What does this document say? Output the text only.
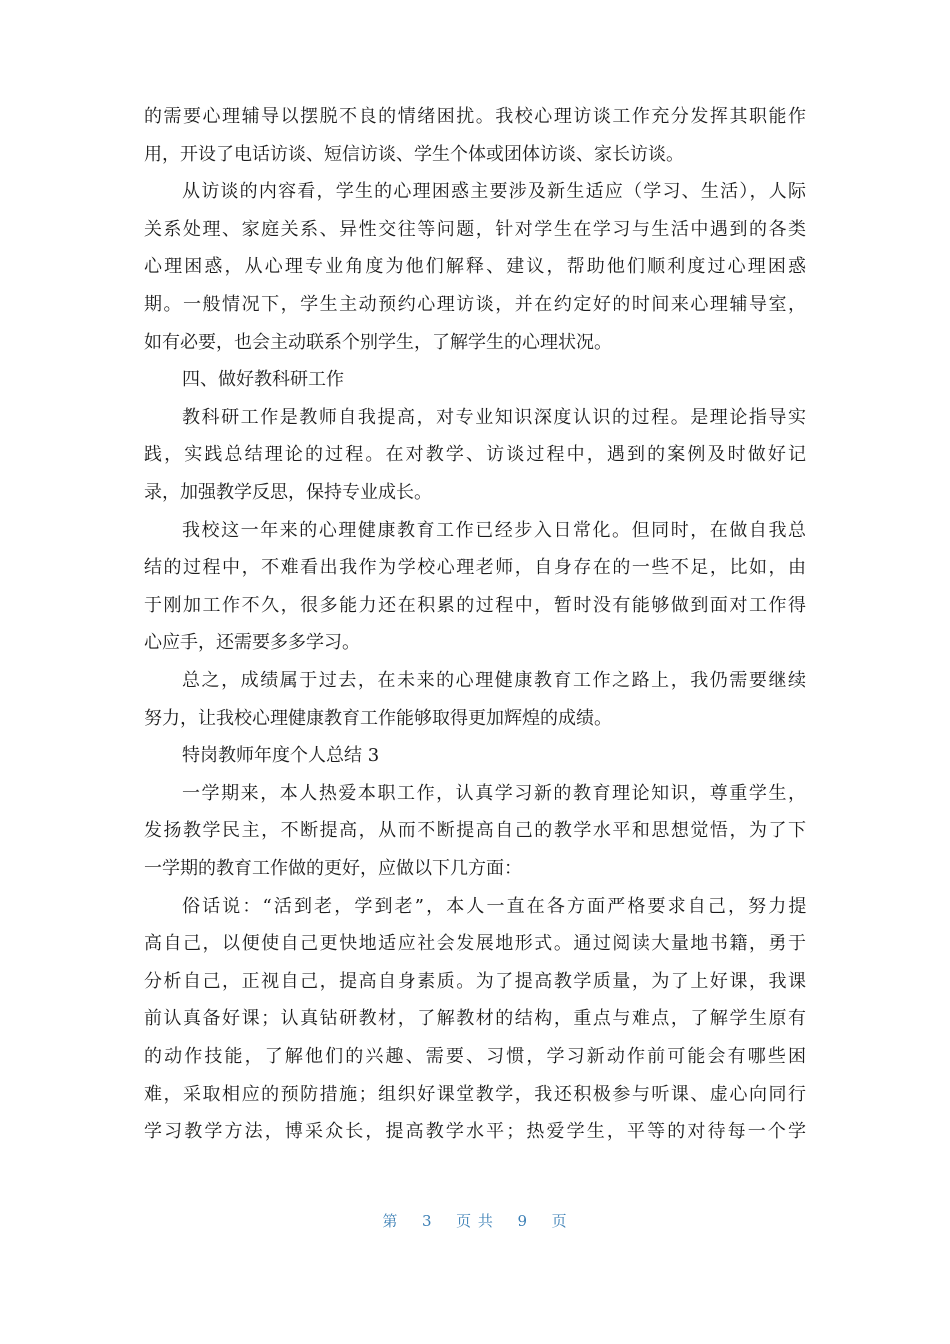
的需要心理辅导以摆脱不良的情绪困扰。我校心理访谈工作充分发挥其职能作
用，开设了电话访谈、短信访谈、学生个体或团体访谈、家长访谈。
从访谈的内容看，学生的心理困惑主要涉及新生适应（学习、生活），人际
关系处理、家庭关系、异性交往等问题，针对学生在学习与生活中遇到的各类
心理困惑，从心理专业角度为他们解释、建议，帮助他们顺利度过心理困惑
期。一般情况下，学生主动预约心理访谈，并在约定好的时间来心理辅导室，
如有必要，也会主动联系个别学生，了解学生的心理状况。
四、做好教科研工作
教科研工作是教师自我提高，对专业知识深度认识的过程。是理论指导实
践，实践总结理论的过程。在对教学、访谈过程中，遇到的案例及时做好记
录，加强教学反思，保持专业成长。
我校这一年来的心理健康教育工作已经步入日常化。但同时，在做自我总
结的过程中，不难看出我作为学校心理老师，自身存在的一些不足，比如，由
于刚加工作不久，很多能力还在积累的过程中，暂时没有能够做到面对工作得
心应手，还需要多多学习。
总之，成绩属于过去，在未来的心理健康教育工作之路上，我仍需要继续
努力，让我校心理健康教育工作能够取得更加辉煌的成绩。
特岗教师年度个人总结 3
一学期来，本人热爱本职工作，认真学习新的教育理论知识，尊重学生，
发扬教学民主，不断提高，从而不断提高自己的教学水平和思想觉悟，为了下
一学期的教育工作做的更好，应做以下几方面：
俗话说：“活到老，学到老”，本人一直在各方面严格要求自己，努力提
高自己，以便使自己更快地适应社会发展地形式。通过阅读大量地书籍，勇于
分析自己，正视自己，提高自身素质。为了提高教学质量，为了上好课，我课
前认真备好课；认真钻研教材，了解教材的结构，重点与难点，了解学生原有
的动作技能，了解他们的兴趣、需要、习惯，学习新动作前可能会有哪些困
难，采取相应的预防措施；组织好课堂教学，我还积极参与听课、虚心向同行
学习教学方法，博采众长，提高教学水平；热爱学生，平等的对待每一个学
第 3 页 共 9 页
